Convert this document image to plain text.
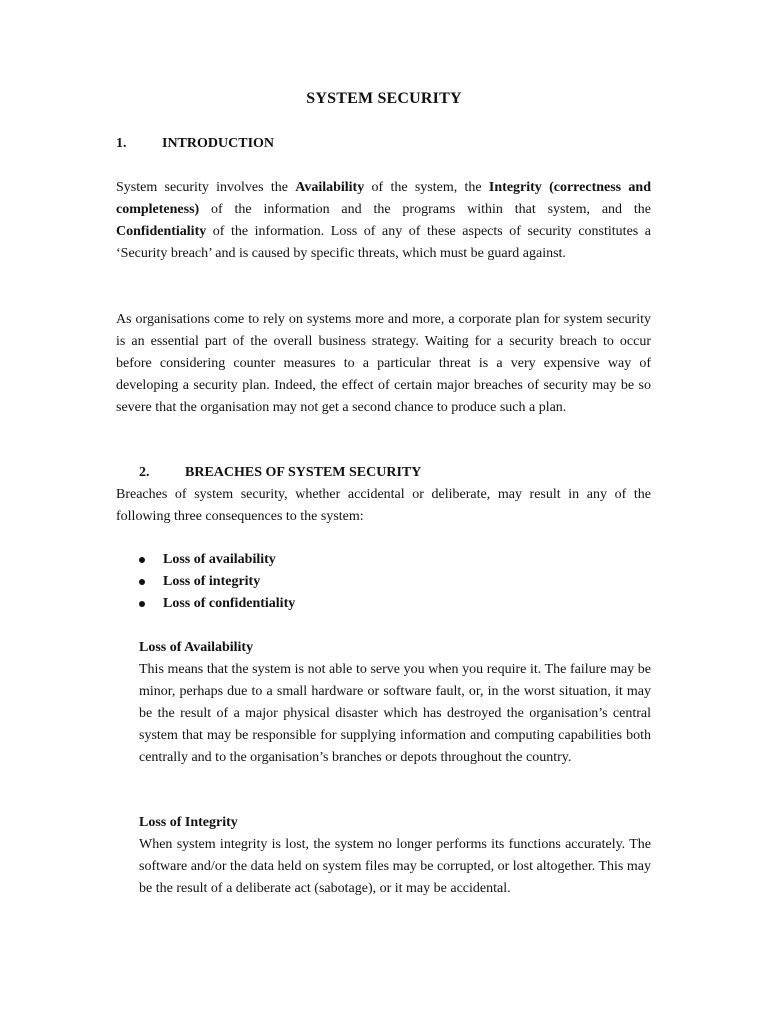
SYSTEM SECURITY
1.	INTRODUCTION
System security involves the Availability of the system, the Integrity (correctness and completeness) of the information and the programs within that system, and the Confidentiality of the information. Loss of any of these aspects of security constitutes a ‘Security breach’ and is caused by specific threats, which must be guard against.
As organisations come to rely on systems more and more, a corporate plan for system security is an essential part of the overall business strategy. Waiting for a security breach to occur before considering counter measures to a particular threat is a very expensive way of developing a security plan. Indeed, the effect of certain major breaches of security may be so severe that the organisation may not get a second chance to produce such a plan.
2.	BREACHES OF SYSTEM SECURITY
Breaches of system security, whether accidental or deliberate, may result in any of the following three consequences to the system:
Loss of availability
Loss of integrity
Loss of confidentiality
Loss of Availability
This means that the system is not able to serve you when you require it. The failure may be minor, perhaps due to a small hardware or software fault, or, in the worst situation, it may be the result of a major physical disaster which has destroyed the organisation’s central system that may be responsible for supplying information and computing capabilities both centrally and to the organisation’s branches or depots throughout the country.
Loss of Integrity
When system integrity is lost, the system no longer performs its functions accurately. The software and/or the data held on system files may be corrupted, or lost altogether. This may be the result of a deliberate act (sabotage), or it may be accidental.
